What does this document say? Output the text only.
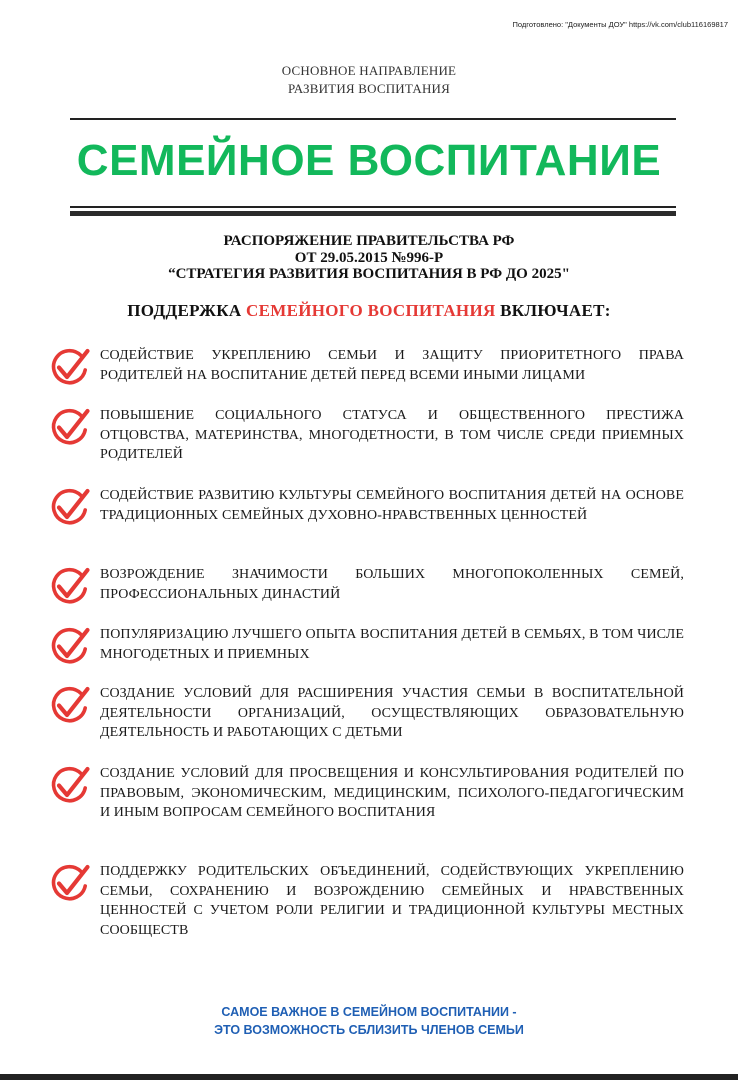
Подготовлено: "Документы ДОУ" https://vk.com/club116169817
ОСНОВНОЕ НАПРАВЛЕНИЕ
РАЗВИТИЯ ВОСПИТАНИЯ
СЕМЕЙНОЕ ВОСПИТАНИЕ
РАСПОРЯЖЕНИЕ ПРАВИТЕЛЬСТВА РФ
ОТ 29.05.2015 №996-Р
“СТРАТЕГИЯ РАЗВИТИЯ ВОСПИТАНИЯ В РФ ДО 2025"
ПОДДЕРЖКА СЕМЕЙНОГО ВОСПИТАНИЯ ВКЛЮЧАЕТ:
СОДЕЙСТВИЕ УКРЕПЛЕНИЮ СЕМЬИ И ЗАЩИТУ ПРИОРИТЕТНОГО ПРАВА РОДИТЕЛЕЙ НА ВОСПИТАНИЕ ДЕТЕЙ ПЕРЕД ВСЕМИ ИНЫМИ ЛИЦАМИ
ПОВЫШЕНИЕ СОЦИАЛЬНОГО СТАТУСА И ОБЩЕСТВЕННОГО ПРЕСТИЖА ОТЦОВСТВА, МАТЕРИНСТВА, МНОГОДЕТНОСТИ, В ТОМ ЧИСЛЕ СРЕДИ ПРИЕМНЫХ РОДИТЕЛЕЙ
СОДЕЙСТВИЕ РАЗВИТИЮ КУЛЬТУРЫ СЕМЕЙНОГО ВОСПИТАНИЯ ДЕТЕЙ НА ОСНОВЕ ТРАДИЦИОННЫХ СЕМЕЙНЫХ ДУХОВНО-НРАВСТВЕННЫХ ЦЕННОСТЕЙ
ВОЗРОЖДЕНИЕ ЗНАЧИМОСТИ БОЛЬШИХ МНОГОПОКОЛЕННЫХ СЕМЕЙ, ПРОФЕССИОНАЛЬНЫХ ДИНАСТИЙ
ПОПУЛЯРИЗАЦИЮ ЛУЧШЕГО ОПЫТА ВОСПИТАНИЯ ДЕТЕЙ В СЕМЬЯХ, В ТОМ ЧИСЛЕ МНОГОДЕТНЫХ И ПРИЕМНЫХ
СОЗДАНИЕ УСЛОВИЙ ДЛЯ РАСШИРЕНИЯ УЧАСТИЯ СЕМЬИ В ВОСПИТАТЕЛЬНОЙ ДЕЯТЕЛЬНОСТИ ОРГАНИЗАЦИЙ, ОСУЩЕСТВЛЯЮЩИХ ОБРАЗОВАТЕЛЬНУЮ ДЕЯТЕЛЬНОСТЬ И РАБОТАЮЩИХ С ДЕТЬМИ
СОЗДАНИЕ УСЛОВИЙ ДЛЯ ПРОСВЕЩЕНИЯ И КОНСУЛЬТИРОВАНИЯ РОДИТЕЛЕЙ ПО ПРАВОВЫМ, ЭКОНОМИЧЕСКИМ, МЕДИЦИНСКИМ, ПСИХОЛОГО-ПЕДАГОГИЧЕСКИМ И ИНЫМ ВОПРОСАМ СЕМЕЙНОГО ВОСПИТАНИЯ
ПОДДЕРЖКУ РОДИТЕЛЬСКИХ ОБЪЕДИНЕНИЙ, СОДЕЙСТВУЮЩИХ УКРЕПЛЕНИЮ СЕМЬИ, СОХРАНЕНИЮ И ВОЗРОЖДЕНИЮ СЕМЕЙНЫХ И НРАВСТВЕННЫХ ЦЕННОСТЕЙ С УЧЕТОМ РОЛИ РЕЛИГИИ И ТРАДИЦИОННОЙ КУЛЬТУРЫ МЕСТНЫХ СООБЩЕСТВ
САМОЕ ВАЖНОЕ В СЕМЕЙНОМ ВОСПИТАНИИ -
ЭТО ВОЗМОЖНОСТЬ СБЛИЗИТЬ ЧЛЕНОВ СЕМЬИ
